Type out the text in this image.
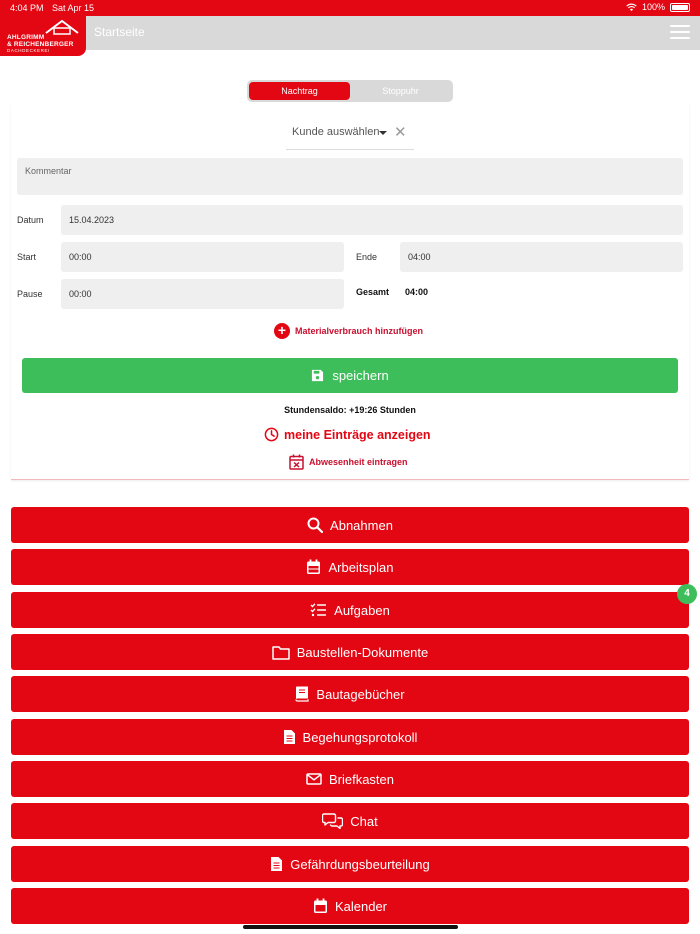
4:04 PM Sat Apr 15	100%
Startseite
AHLGRIMM
& REICHENBERGER
DACHDECKEREI
Nachtrag	Stoppuhr
Kunde auswählen ✕
Kommentar
Datum	15.04.2023
Start	00:00	Ende	04:00
Pause	00:00	Gesamt 04:00
+ Materialverbrauch hinzufügen
speichern
Stundensaldo: +19:26 Stunden
meine Einträge anzeigen
Abwesenheit eintragen
Abnahmen
Arbeitsplan
Aufgaben
4
Baustellen-Dokumente
Bautagebücher
Begehungsprotokoll
Briefkasten
Chat
Gefährdungsbeurteilung
Kalender
